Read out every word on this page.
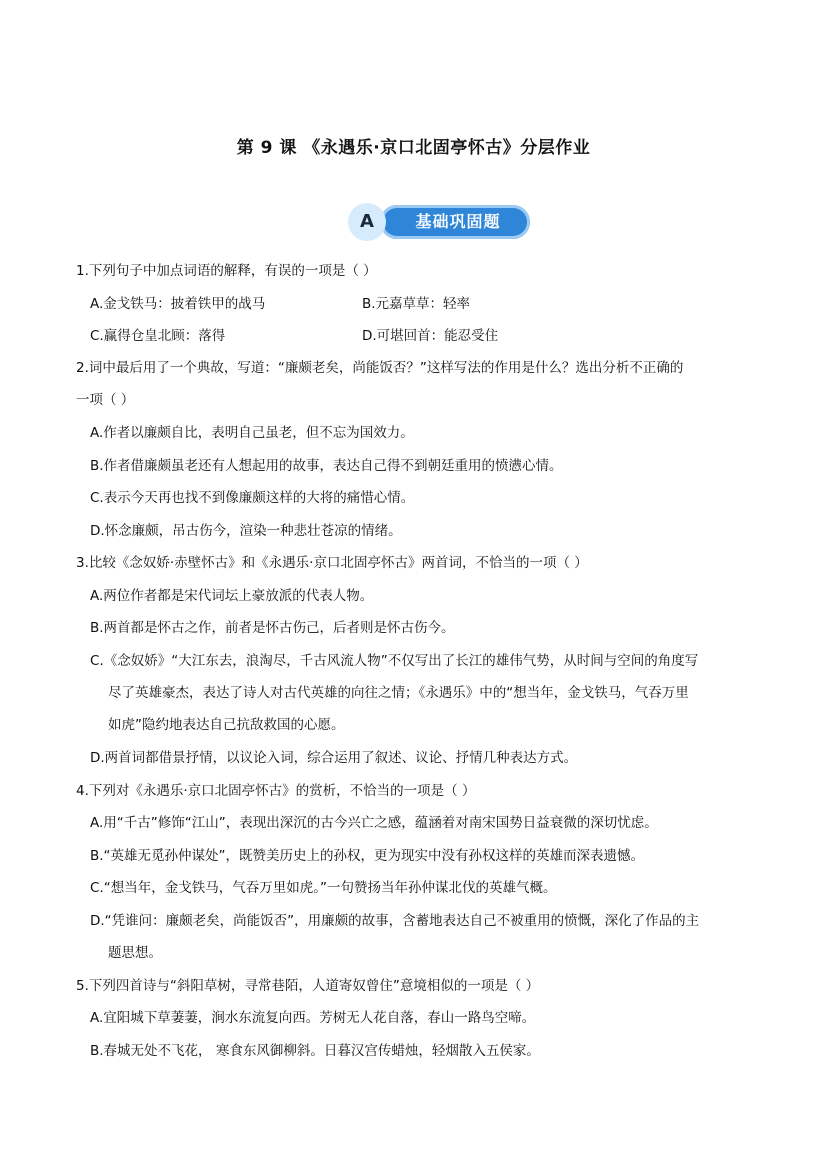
第 9 课 《永遇乐·京口北固亭怀古》分层作业
A	基础巩固题
1.下列句子中加点词语的解释，有误的一项是（ ）
A.金戈铁马：披着铁甲的战马	B.元嘉草草：轻率
C.赢得仓皇北顾：落得	D.可堪回首：能忍受住
2.词中最后用了一个典故，写道：“廉颇老矣，尚能饭否？”这样写法的作用是什么？选出分析不正确的
一项（ ）
A.作者以廉颇自比，表明自己虽老，但不忘为国效力。
B.作者借廉颇虽老还有人想起用的故事，表达自己得不到朝廷重用的愤懑心情。
C.表示今天再也找不到像廉颇这样的大将的痛惜心情。
D.怀念廉颇，吊古伤今，渲染一种悲壮苍凉的情绪。
3.比较《念奴娇·赤壁怀古》和《永遇乐·京口北固亭怀古》两首词，不恰当的一项（ ）
A.两位作者都是宋代词坛上豪放派的代表人物。
B.两首都是怀古之作，前者是怀古伤己，后者则是怀古伤今。
C.《念奴娇》“大江东去，浪淘尽，千古风流人物”不仅写出了长江的雄伟气势，从时间与空间的角度写
尽了英雄豪杰，表达了诗人对古代英雄的向往之情；《永遇乐》中的“想当年，金戈铁马，气吞万里
如虎”隐约地表达自己抗敌救国的心愿。
D.两首词都借景抒情，以议论入词，综合运用了叙述、议论、抒情几种表达方式。
4.下列对《永遇乐·京口北固亭怀古》的赏析，不恰当的一项是（ ）
A.用“千古”修饰“江山”，表现出深沉的古今兴亡之感，蕴涵着对南宋国势日益衰微的深切忧虑。
B.“英雄无觅孙仲谋处”，既赞美历史上的孙权，更为现实中没有孙权这样的英雄而深表遗憾。
C.“想当年，金戈铁马，气吞万里如虎。”一句赞扬当年孙仲谋北伐的英雄气概。
D.“凭谁问：廉颇老矣，尚能饭否”，用廉颇的故事，含蓄地表达自己不被重用的愤慨，深化了作品的主
题思想。
5.下列四首诗与“斜阳草树，寻常巷陌，人道寄奴曾住”意境相似的一项是（ ）
A.宜阳城下草萋萋，涧水东流复向西。芳树无人花自落，春山一路鸟空啼。
B.春城无处不飞花， 寒食东风御柳斜。日暮汉宫传蜡烛，轻烟散入五侯家。
